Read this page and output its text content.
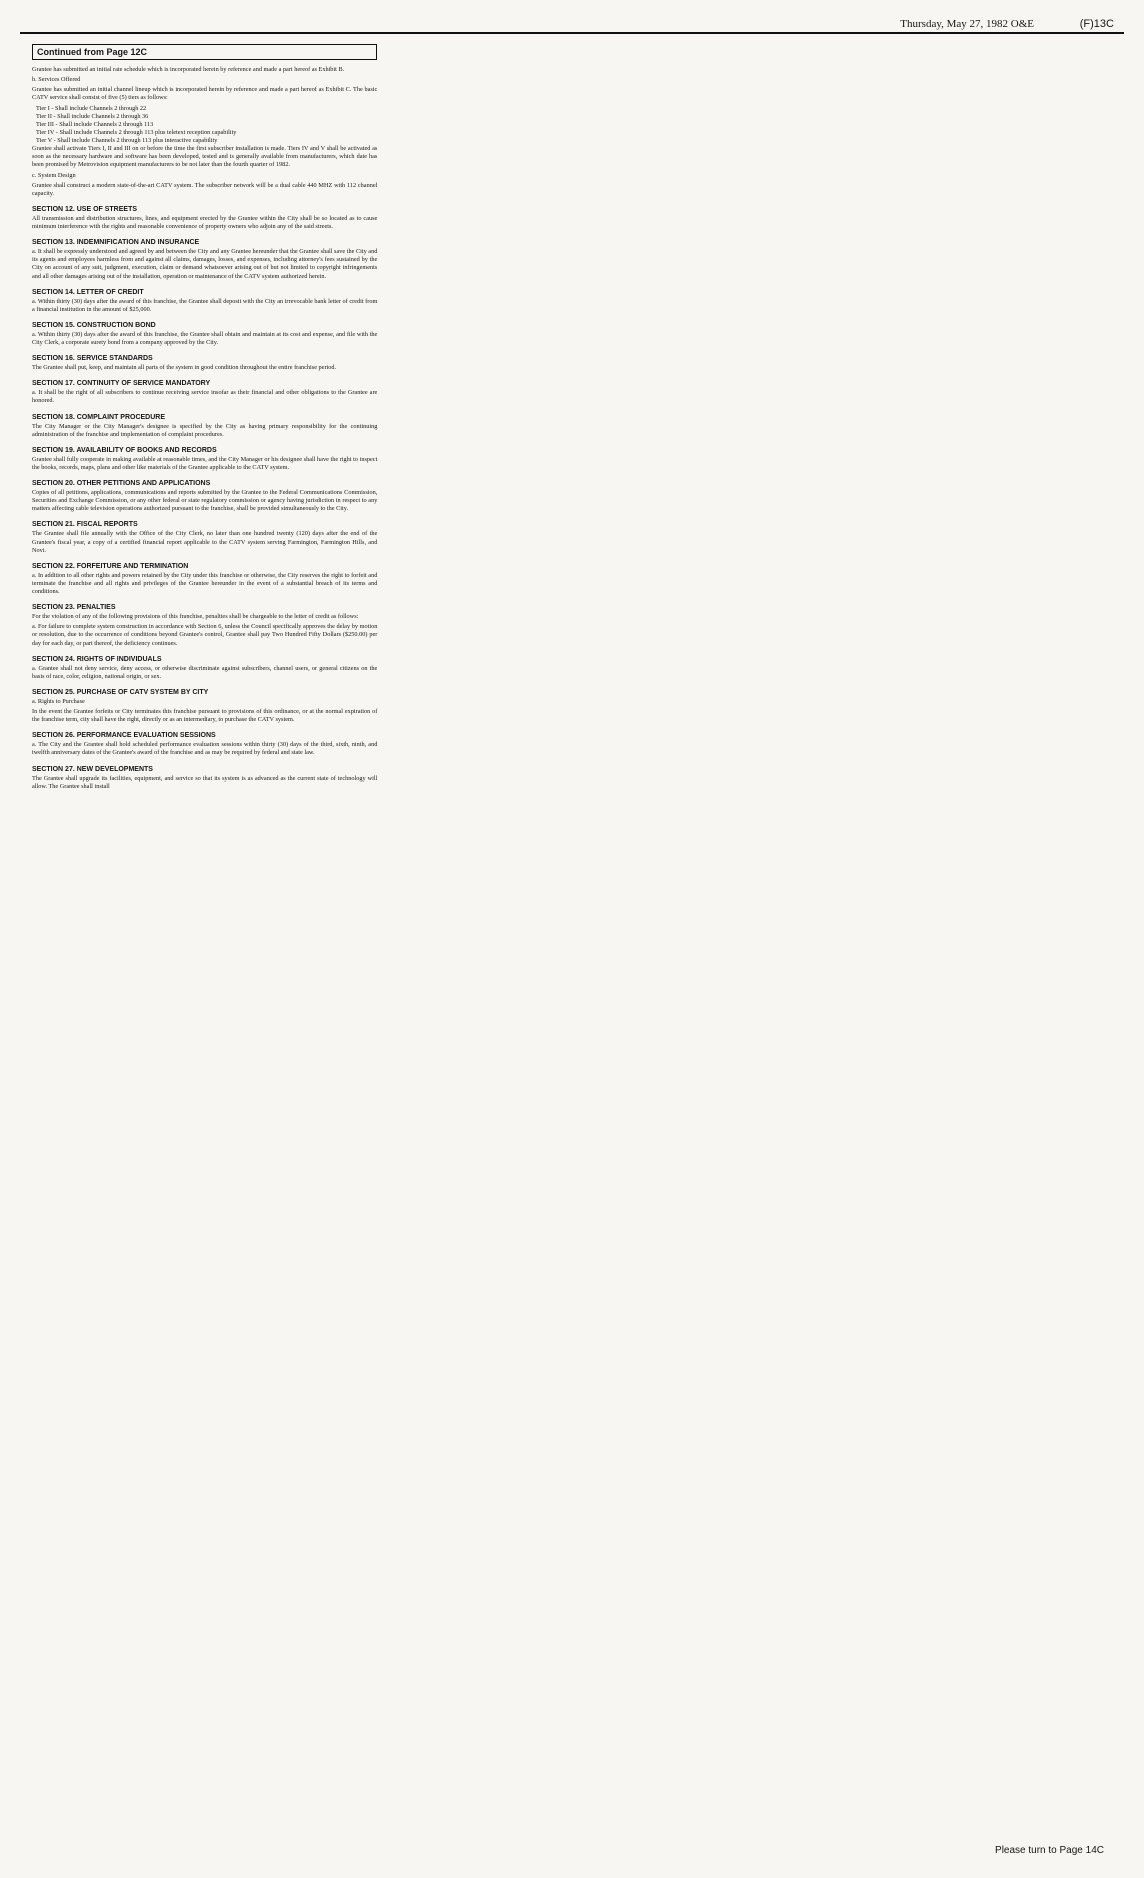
Thursday, May 27, 1982 O&E	(F)13C
Continued from Page 12C

Grantee has submitted an initial rate schedule which is incorporated herein by reference and made a part hereof as Exhibit B.

b. Services Offered

Grantee has submitted an initial channel lineup which is incorporated herein by reference and made a part hereof as Exhibit C. The basic CATV service shall consist of five (5) tiers as follows:

Tier I - Shall include Channels 2 through 22

Tier II - Shall include Channels 2 through 36

Tier III - Shall include Channels 2 through 113

Tier IV - Shall include Channels 2 through 113 plus teletext reception capability

Tier V - Shall include Channels 2 through 113 plus interactive capability

Grantee shall activate Tiers I, II and III on or before the time the first subscriber installation is made. Tiers IV and V shall be activated as soon as the necessary hardware and software has been developed, tested and is generally available from manufacturers, which date has been promised by Metrovision equipment manufacturers to be not later than the fourth quarter of 1982.

c. System Design

Grantee shall construct a modern state-of-the-art CATV system. The subscriber network will be a dual cable 440 MHZ with 112 channel capacity.

SECTION 12. USE OF STREETS

All transmission and distribution structures, lines, and equipment erected by the Grantee within the City shall be so located as to cause minimum interference with the rights and reasonable convenience of property owners who adjoin any of the said streets.

SECTION 13. INDEMNIFICATION AND INSURANCE

a. It shall be expressly understood and agreed by and between the City and any Grantee hereunder that the Grantee shall save the City and its agents and employees harmless from and against all claims, damages, losses, and expenses, including attorney's fees sustained by the City on account of any suit, judgment, execution, claim or demand whatsoever arising out of but not limited to copyright infringements and all other damages arising out of the installation, operation or maintenance of the CATV system authorized herein.

SECTION 14. LETTER OF CREDIT

a. Within thirty (30) days after the award of this franchise, the Grantee shall deposit with the City an irrevocable bank letter of credit from a financial institution in the amount of $25,000.

SECTION 15. CONSTRUCTION BOND

a. Within thirty (30) days after the award of this franchise, the Grantee shall obtain and maintain at its cost and expense, and file with the City Clerk, a corporate surety bond from a company approved by the City.

SECTION 16. SERVICE STANDARDS

The Grantee shall put, keep, and maintain all parts of the system in good condition throughout the entire franchise period.

SECTION 17. CONTINUITY OF SERVICE MANDATORY

a. It shall be the right of all subscribers to continue receiving service insofar as their financial and other obligations to the Grantee are honored.

SECTION 18. COMPLAINT PROCEDURE

The City Manager or the City Manager's designee is specified by the City as having primary responsibility for the continuing administration of the franchise and implementation of complaint procedures.

SECTION 19. AVAILABILITY OF BOOKS AND RECORDS

Grantee shall fully cooperate in making available at reasonable times, and the City Manager or his designee shall have the right to inspect the books, records, maps, plans and other like materials of the Grantee applicable to the CATV system.

SECTION 20. OTHER PETITIONS AND APPLICATIONS

Copies of all petitions, applications, communications and reports submitted by the Grantee to the Federal Communications Commission, Securities and Exchange Commission, or any other federal or state regulatory commission or agency having jurisdiction in respect to any matters affecting cable television operations authorized pursuant to the franchise, shall be provided simultaneously to the City.

SECTION 21. FISCAL REPORTS

The Grantee shall file annually with the Office of the City Clerk, no later than one hundred twenty (120) days after the end of the Grantee's fiscal year, a copy of a certified financial report applicable to the CATV system serving Farmington, Farmington Hills, and Novi.

SECTION 22. FORFEITURE AND TERMINATION

a. In addition to all other rights and powers retained by the City under this franchise or otherwise, the City reserves the right to forfeit and terminate the franchise and all rights and privileges of the Grantee hereunder in the event of a substantial breach of its terms and conditions.

SECTION 23. PENALTIES

For the violation of any of the following provisions of this franchise, penalties shall be chargeable to the letter of credit as follows:

a. For failure to complete system construction in accordance with Section 6, unless the Council specifically approves the delay by motion or resolution, due to the occurrence of conditions beyond Grantee's control, Grantee shall pay Two Hundred Fifty Dollars ($250.00) per day for each day, or part thereof, the deficiency continues.

SECTION 24. RIGHTS OF INDIVIDUALS

a. Grantee shall not deny service, deny access, or otherwise discriminate against subscribers, channel users, or general citizens on the basis of race, color, religion, national origin, or sex.

SECTION 25. PURCHASE OF CATV SYSTEM BY CITY

a. Rights to Purchase

In the event the Grantee forfeits or City terminates this franchise pursuant to provisions of this ordinance, or at the normal expiration of the franchise term, city shall have the right, directly or as an intermediary, to purchase the CATV system.

SECTION 26. PERFORMANCE EVALUATION SESSIONS

a. The City and the Grantee shall hold scheduled performance evaluation sessions within thirty (30) days of the third, sixth, ninth, and twelfth anniversary dates of the Grantee's award of the franchise and as may be required by federal and state law.

SECTION 27. NEW DEVELOPMENTS

The Grantee shall upgrade its facilities, equipment, and service so that its system is as advanced as the current state of technology will allow. The Grantee shall install

Please turn to Page 14C
